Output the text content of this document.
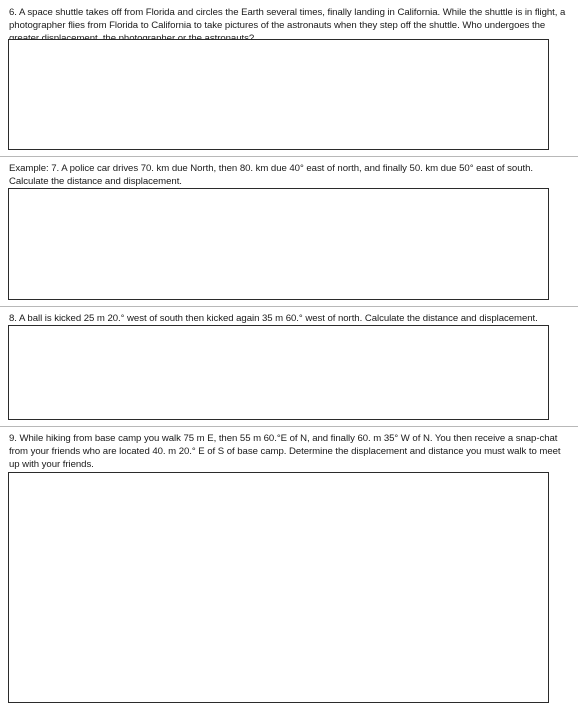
6. A space shuttle takes off from Florida and circles the Earth several times, finally landing in California. While the shuttle is in flight, a photographer flies from Florida to California to take pictures of the astronauts when they step off the shuttle. Who undergoes the
Example: 7. A police car drives 70. km due North, then 80. km due 40° east of north, and finally 50. km due 50° east of south. Calculate the distance and displacement.
8. A ball is kicked 25 m 20.° west of south then kicked again 35 m 60.° west of north. Calculate the distance and displacement.
9. While hiking from base camp you walk 75 m E, then 55 m 60.°E of N, and finally 60. m 35° W of N. You then receive a snap-chat from your friends who are located 40. m 20.° E of S of base camp. Determine the displacement and distance you must walk to meet up with your friends.
